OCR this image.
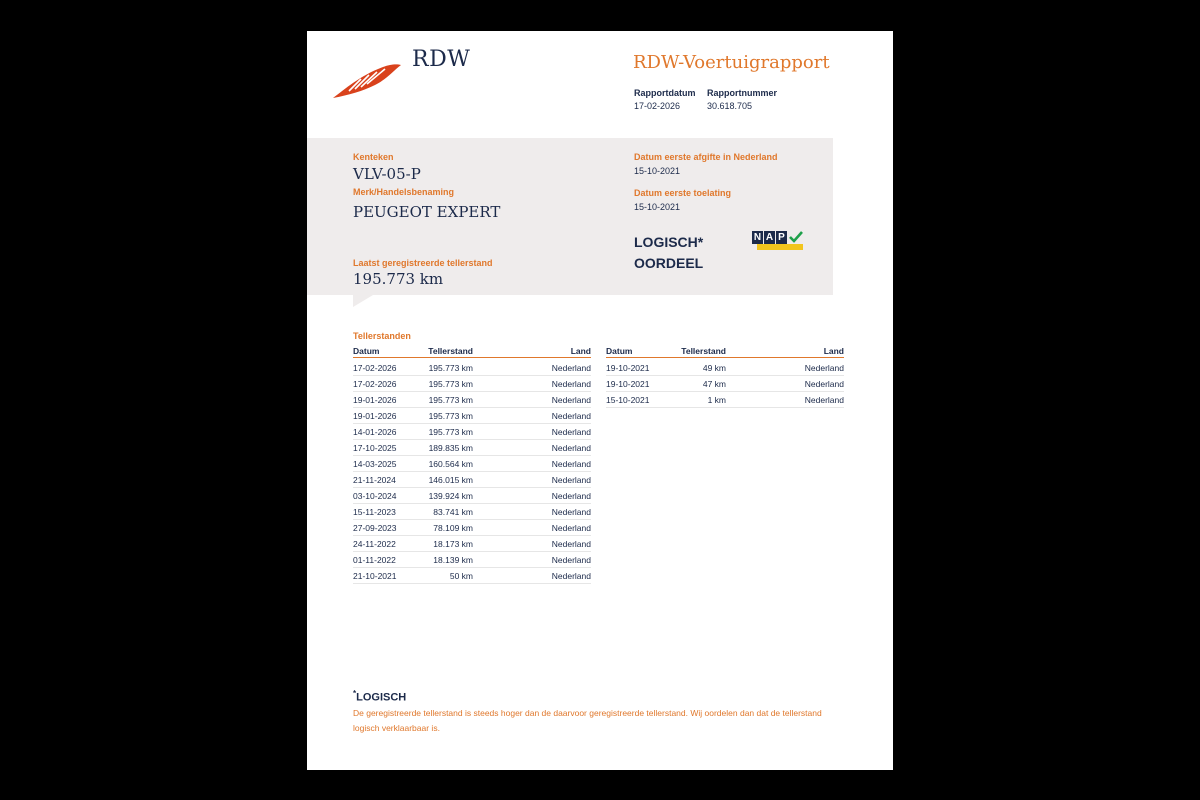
RDW	RDW-Voertuigrapport
Rapportdatum
17-02-2026
Rapportnummer
30.618.705
Kenteken
VLV-05-P
Merk/Handelsbenaming
PEUGEOT EXPERT
Laatst geregistreerde tellerstand
195.773 km
Datum eerste afgifte in Nederland
15-10-2021
Datum eerste toelating
15-10-2021
LOGISCH*
OORDEEL
N A P
Tellerstanden
Datum	Tellerstand	Land

17-02-2026	195.773 km	Nederland
17-02-2026	195.773 km	Nederland
19-01-2026	195.773 km	Nederland
19-01-2026	195.773 km	Nederland
14-01-2026	195.773 km	Nederland
17-10-2025	189.835 km	Nederland
14-03-2025	160.564 km	Nederland
21-11-2024	146.015 km	Nederland
03-10-2024	139.924 km	Nederland
15-11-2023	83.741 km	Nederland
27-09-2023	78.109 km	Nederland
24-11-2022	18.173 km	Nederland
01-11-2022	18.139 km	Nederland
21-10-2021	50 km	Nederland
Datum	Tellerstand	Land

19-10-2021	49 km	Nederland
19-10-2021	47 km	Nederland
15-10-2021	1 km	Nederland
*LOGISCH
De geregistreerde tellerstand is steeds hoger dan de daarvoor geregistreerde tellerstand. Wij oordelen dan dat de tellerstand logisch verklaarbaar is.
